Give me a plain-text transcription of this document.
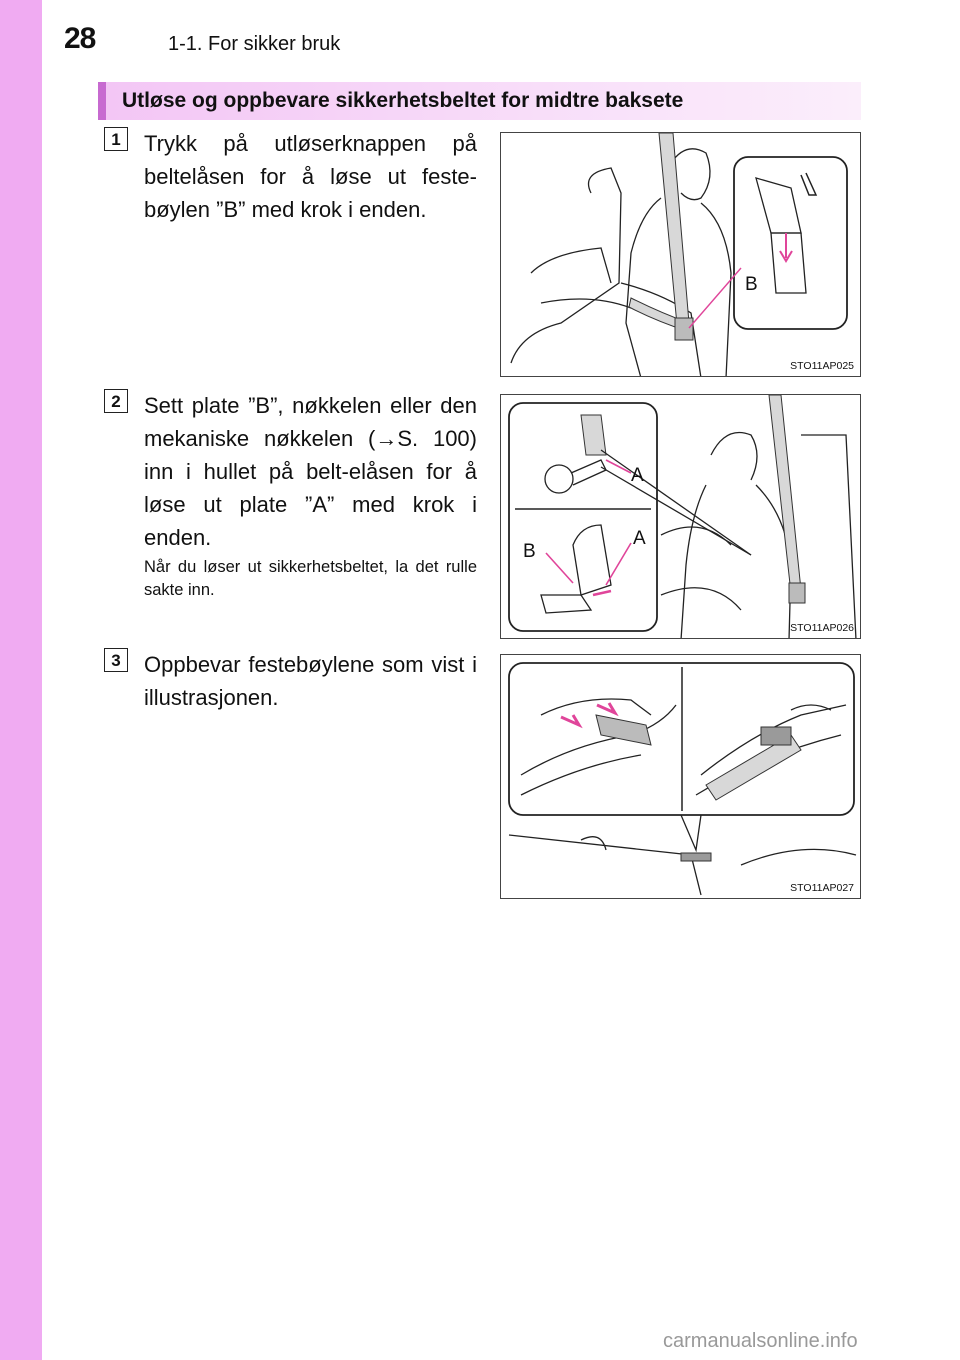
28	1-1. For sikker bruk
Utløse og oppbevare sikkerhetsbeltet for midtre baksete
1	Trykk på utløserknappen på beltelåsen for å løse ut feste-bøylen ”B” med krok i enden.
B
STO11AP025
2	Sett plate ”B”, nøkkelen eller den mekaniske nøkkelen (→S. 100) inn i hullet på belt-elåsen for å løse ut plate ”A” med krok i enden.
Når du løser ut sikkerhetsbeltet, la det rulle sakte inn.
A
B
A
STO11AP026
3	Oppbevar festebøylene som vist i illustrasjonen.
STO11AP027
carmanualsonline.info
